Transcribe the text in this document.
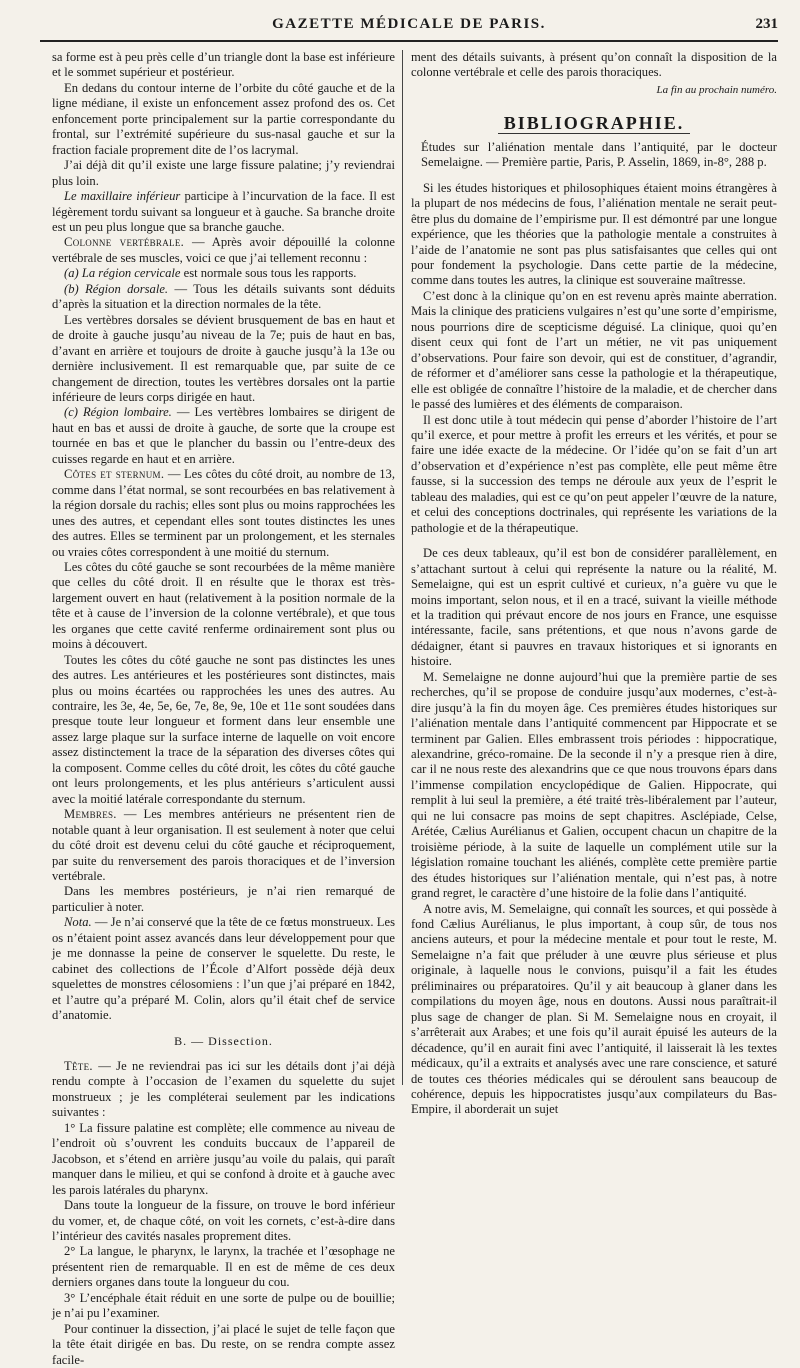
GAZETTE MÉDICALE DE PARIS.	231

sa forme est à peu près celle d’un triangle dont la base est inférieure et le sommet supérieur et postérieur.

En dedans du contour interne de l’orbite du côté gauche et de la ligne médiane, il existe un enfoncement assez profond des os. Cet enfoncement porte principalement sur la partie correspondante du frontal, sur l’extrémité supérieure du sus-nasal gauche et sur la fraction faciale proprement dite de l’os lacrymal.

J’ai déjà dit qu’il existe une large fissure palatine; j’y reviendrai plus loin.

Le maxillaire inférieur participe à l’incurvation de la face. Il est légèrement tordu suivant sa longueur et à gauche. Sa branche droite est un peu plus longue que sa branche gauche.

Colonne vertébrale. — Après avoir dépouillé la colonne vertébrale de ses muscles, voici ce que j’ai tellement reconnu :

(a) La région cervicale est normale sous tous les rapports.

(b) Région dorsale. — Tous les détails suivants sont déduits d’après la situation et la direction normales de la tête.

Les vertèbres dorsales se dévient brusquement de bas en haut et de droite à gauche jusqu’au niveau de la 7e; puis de haut en bas, d’avant en arrière et toujours de droite à gauche jusqu’à la 13e ou dernière inclusivement. Il est remarquable que, par suite de ce changement de direction, toutes les vertèbres dorsales ont la partie inférieure de leurs corps dirigée en haut.

(c) Région lombaire. — Les vertèbres lombaires se dirigent de haut en bas et aussi de droite à gauche, de sorte que la croupe est tournée en bas et que le plancher du bassin ou l’entre-deux des cuisses regarde en haut et en arrière.

Côtes et sternum. — Les côtes du côté droit, au nombre de 13, comme dans l’état normal, se sont recourbées en bas relativement à la région dorsale du rachis; elles sont plus ou moins rapprochées les unes des autres, et cependant elles sont toutes distinctes les unes des autres. Elles se terminent par un prolongement, et les sternales ou vraies côtes correspondent à une moitié du sternum.

Les côtes du côté gauche se sont recourbées de la même manière que celles du côté droit. Il en résulte que le thorax est très-largement ouvert en haut (relativement à la position normale de la tête et à cause de l’inversion de la colonne vertébrale), et que tous les organes que cette cavité renferme ordinairement sont plus ou moins à découvert.

Toutes les côtes du côté gauche ne sont pas distinctes les unes des autres. Les antérieures et les postérieures sont distinctes, mais plus ou moins écartées ou rapprochées les unes des autres. Au contraire, les 3e, 4e, 5e, 6e, 7e, 8e, 9e, 10e et 11e sont soudées dans presque toute leur longueur et forment dans leur ensemble une assez large plaque sur la surface interne de laquelle on voit encore assez distinctement la trace de la séparation des diverses côtes qui la composent. Comme celles du côté droit, les côtes du côté gauche ont leurs prolongements, et les plus antérieurs s’articulent aussi avec la moitié latérale correspondante du sternum.

Membres. — Les membres antérieurs ne présentent rien de notable quant à leur organisation. Il est seulement à noter que celui du côté droit est devenu celui du côté gauche et réciproquement, par suite du renversement des parois thoraciques et de l’inversion vertébrale.

Dans les membres postérieurs, je n’ai rien remarqué de particulier à noter.

Nota. — Je n’ai conservé que la tête de ce fœtus monstrueux. Les os n’étaient point assez avancés dans leur développement pour que je me donnasse la peine de conserver le squelette. Du reste, le cabinet des collections de l’École d’Alfort possède déjà deux squelettes de monstres célosomiens : l’un que j’ai préparé en 1842, et l’autre qu’a préparé M. Colin, alors qu’il était chef de service d’anatomie.

B. — Dissection.

Tête. — Je ne reviendrai pas ici sur les détails dont j’ai déjà rendu compte à l’occasion de l’examen du squelette du sujet monstrueux ; je les compléterai seulement par les indications suivantes :

1° La fissure palatine est complète; elle commence au niveau de l’endroit où s’ouvrent les conduits buccaux de l’appareil de Jacobson, et s’étend en arrière jusqu’au voile du palais, qui paraît manquer dans le milieu, et qui se confond à droite et à gauche avec les parois latérales du pharynx.

Dans toute la longueur de la fissure, on trouve le bord inférieur du vomer, et, de chaque côté, on voit les cornets, c’est-à-dire dans l’intérieur des cavités nasales proprement dites.

2° La langue, le pharynx, le larynx, la trachée et l’œsophage ne présentent rien de remarquable. Il en est de même de ces deux derniers organes dans toute la longueur du cou.

3° L’encéphale était réduit en une sorte de pulpe ou de bouillie; je n’ai pu l’examiner.

Pour continuer la dissection, j’ai placé le sujet de telle façon que la tête était dirigée en bas. Du reste, on se rendra compte assez facile-

ment des détails suivants, à présent qu’on connaît la disposition de la colonne vertébrale et celle des parois thoraciques.

La fin au prochain numéro.

BIBLIOGRAPHIE.

Études sur l’aliénation mentale dans l’antiquité, par le docteur Semelaigne. — Première partie, Paris, P. Asselin, 1869, in-8°, 288 p.

Si les études historiques et philosophiques étaient moins étrangères à la plupart de nos médecins de fous, l’aliénation mentale ne serait peut-être plus du domaine de l’empirisme pur. Il est démontré par une longue expérience, que les théories que la pathologie mentale a construites à l’aide de l’anatomie ne sont pas plus satisfaisantes que celles qui ont pour fondement la psychologie. Dans cette partie de la médecine, comme dans toutes les autres, la clinique est souveraine maîtresse.

C’est donc à la clinique qu’on en est revenu après mainte aberration. Mais la clinique des praticiens vulgaires n’est qu’une sorte d’empirisme, nous pourrions dire de scepticisme déguisé. La clinique, quoi qu’en disent ceux qui font de l’art un métier, ne vit pas uniquement d’observations. Pour faire son devoir, qui est de constituer, d’agrandir, de réformer et d’améliorer sans cesse la pathologie et la thérapeutique, elle est obligée de connaître l’histoire de la maladie, et de chercher dans le passé des lumières et des éléments de comparaison.

Il est donc utile à tout médecin qui pense d’aborder l’histoire de l’art qu’il exerce, et pour mettre à profit les erreurs et les vérités, et pour se faire une idée exacte de la médecine. Or l’idée qu’on se fait d’un art d’observation et d’expérience n’est pas complète, elle peut même être fausse, si la succession des temps ne déroule aux yeux de l’esprit le tableau des maladies, qui est ce qu’on peut appeler l’œuvre de la nature, et celui des conceptions doctrinales, qui représente les variations de la pathologie et de la thérapeutique.

De ces deux tableaux, qu’il est bon de considérer parallèlement, en s’attachant surtout à celui qui représente la nature ou la réalité, M. Semelaigne, qui est un esprit cultivé et curieux, n’a guère vu que le moins important, selon nous, et il en a tracé, suivant la vieille méthode et la tradition qui prévaut encore de nos jours en France, une esquisse intéressante, facile, sans prétentions, et que nous n’avons garde de dédaigner, étant si pauvres en travaux historiques et si ignorants en histoire.

M. Semelaigne ne donne aujourd’hui que la première partie de ses recherches, qu’il se propose de conduire jusqu’aux modernes, c’est-à-dire jusqu’à la fin du moyen âge. Ces premières études historiques sur l’aliénation mentale dans l’antiquité commencent par Hippocrate et se terminent par Galien. Elles embrassent trois périodes : hippocratique, alexandrine, gréco-romaine. De la seconde il n’y a presque rien à dire, car il ne nous reste des alexandrins que ce que nous trouvons épars dans l’immense compilation encyclopédique de Galien. Hippocrate, qui remplit à lui seul la première, a été traité très-libéralement par l’auteur, qui ne lui consacre pas moins de sept chapitres. Asclépiade, Celse, Arétée, Cælius Aurélianus et Galien, occupent chacun un chapitre de la troisième période, à la suite de laquelle un complément utile sur la législation romaine touchant les aliénés, complète cette première partie des études historiques sur l’aliénation mentale, qui n’est pas, à notre grand regret, le caractère d’une histoire de la folie dans l’antiquité.

A notre avis, M. Semelaigne, qui connaît les sources, et qui possède à fond Cælius Aurélianus, le plus important, à coup sûr, de tous nos anciens auteurs, et pour la médecine mentale et pour tout le reste, M. Semelaigne n’a fait que préluder à une œuvre plus sérieuse et plus originale, à laquelle nous le convions, puisqu’il a fait les études préliminaires ou préparatoires. Qu’il y ait beaucoup à glaner dans les compilations du moyen âge, nous en doutons. Aussi nous paraîtrait-il plus sage de changer de plan. Si M. Semelaigne nous en croyait, il s’arrêterait aux Arabes; et une fois qu’il aurait épuisé les auteurs de la décadence, qu’il en aurait fini avec l’antiquité, il laisserait là les textes médicaux, qu’il a extraits et analysés avec une rare conscience, et saturé de toutes ces théories médicales qui se déroulent sans beaucoup de cohérence, depuis les hippocratistes jusqu’aux compilateurs du Bas-Empire, il aborderait un sujet
